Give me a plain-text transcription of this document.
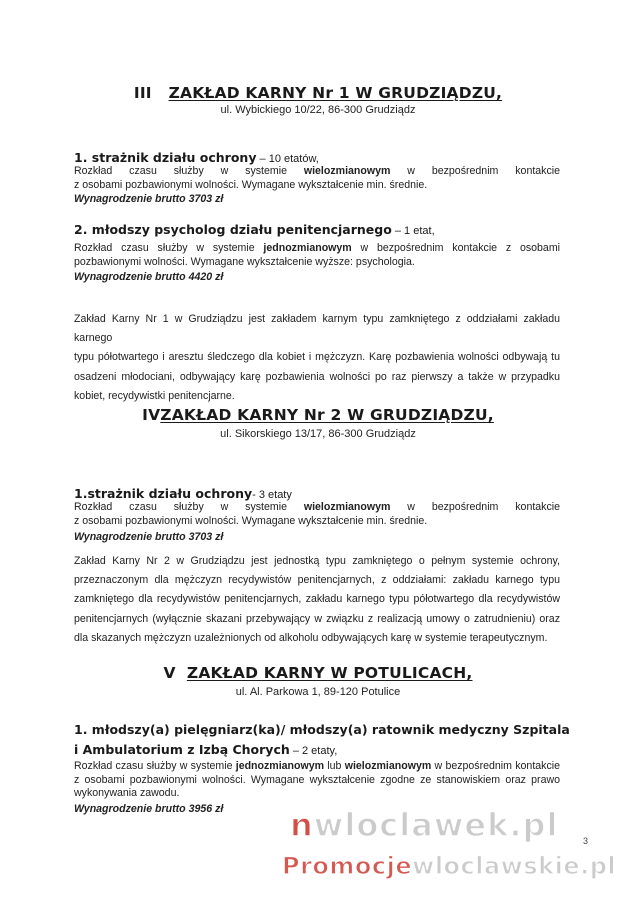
III ZAKŁAD KARNY Nr 1 W GRUDZIĄDZU,
ul. Wybickiego 10/22, 86-300 Grudziądz
1. strażnik działu ochrony – 10 etatów,
Rozkład czasu służby w systemie wielozmianowym w bezpośrednim kontakcie
z osobami pozbawionymi wolności. Wymagane wykształcenie min. średnie.
Wynagrodzenie brutto 3703 zł
2. młodszy psycholog działu penitencjarnego – 1 etat,
Rozkład czasu służby w systemie jednozmianowym w bezpośrednim kontakcie z osobami
pozbawionymi wolności. Wymagane wykształcenie wyższe: psychologia.
Wynagrodzenie brutto 4420 zł
Zakład Karny Nr 1 w Grudziądzu jest zakładem karnym typu zamkniętego z oddziałami zakładu karnego
typu półotwartego i aresztu śledczego dla kobiet i mężczyzn. Karę pozbawienia wolności odbywają tu
osadzeni młodociani, odbywający karę pozbawienia wolności po raz pierwszy a także w przypadku
kobiet, recydywistki penitencjarne.
IVZAKŁAD KARNY Nr 2 W GRUDZIĄDZU,
ul. Sikorskiego 13/17, 86-300 Grudziądz
1.strażnik działu ochrony- 3 etaty
Rozkład czasu służby w systemie wielozmianowym w bezpośrednim kontakcie
z osobami pozbawionymi wolności. Wymagane wykształcenie min. średnie.
Wynagrodzenie brutto 3703 zł
Zakład Karny Nr 2 w Grudziądzu jest jednostką typu zamkniętego o pełnym systemie ochrony,
przeznaczonym dla mężczyzn recydywistów penitencjarnych, z oddziałami: zakładu karnego typu
zamkniętego dla recydywistów penitencjarnych, zakładu karnego typu półotwartego dla recydywistów
penitencjarnych (wyłącznie skazani przebywający w związku z realizacją umowy o zatrudnieniu) oraz
dla skazanych mężczyzn uzależnionych od alkoholu odbywających karę w systemie terapeutycznym.
V ZAKŁAD KARNY W POTULICACH,
ul. Al. Parkowa 1, 89-120 Potulice
1. młodszy(a) pielęgniarz(ka)/ młodszy(a) ratownik medyczny Szpitala
i Ambulatorium z Izbą Chorych – 2 etaty,
Rozkład czasu służby w systemie jednozmianowym lub wielozmianowym w bezpośrednim kontakcie
z osobami pozbawionymi wolności. Wymagane wykształcenie zgodne ze stanowiskiem oraz prawo
wykonywania zawodu.
Wynagrodzenie brutto 3956 zł
3
nwloclawek.pl
Promocjewloclawskie.pl
